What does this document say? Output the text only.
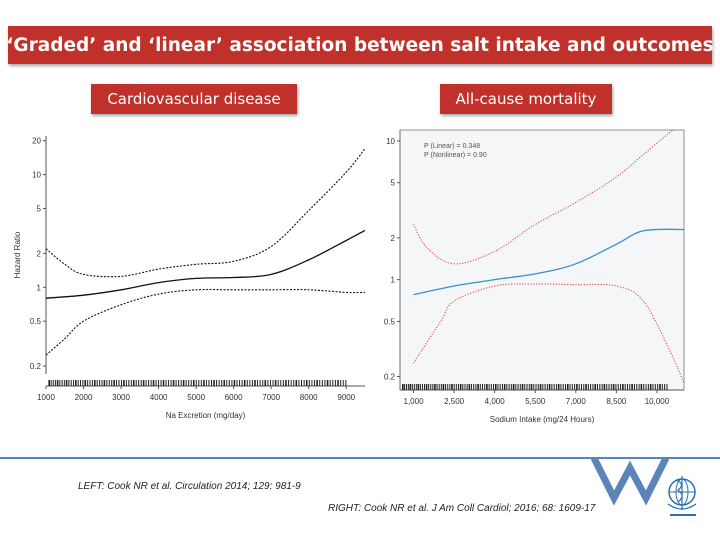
‘Graded’ and ‘linear’ association between salt intake and outcomes
Cardiovascular disease	All-cause mortality
0.2
0.5
1
2
5
10
20
1000 2000 3000 4000 5000 6000 7000 8000 9000
Na Excretion (mg/day)
Hazard Ratio
0.2
0.5
1
2
5
10
1,000	2,500	4,000	5,500	7,000	8,500 10,000
Sodium Intake (mg/24 Hours)
P (Linear) = 0.348
P (Nonlinear) = 0.90
LEFT: Cook NR et al. Circulation 2014; 129: 981-9
RIGHT: Cook NR et al. J Am Coll Cardiol; 2016; 68: 1609-17
